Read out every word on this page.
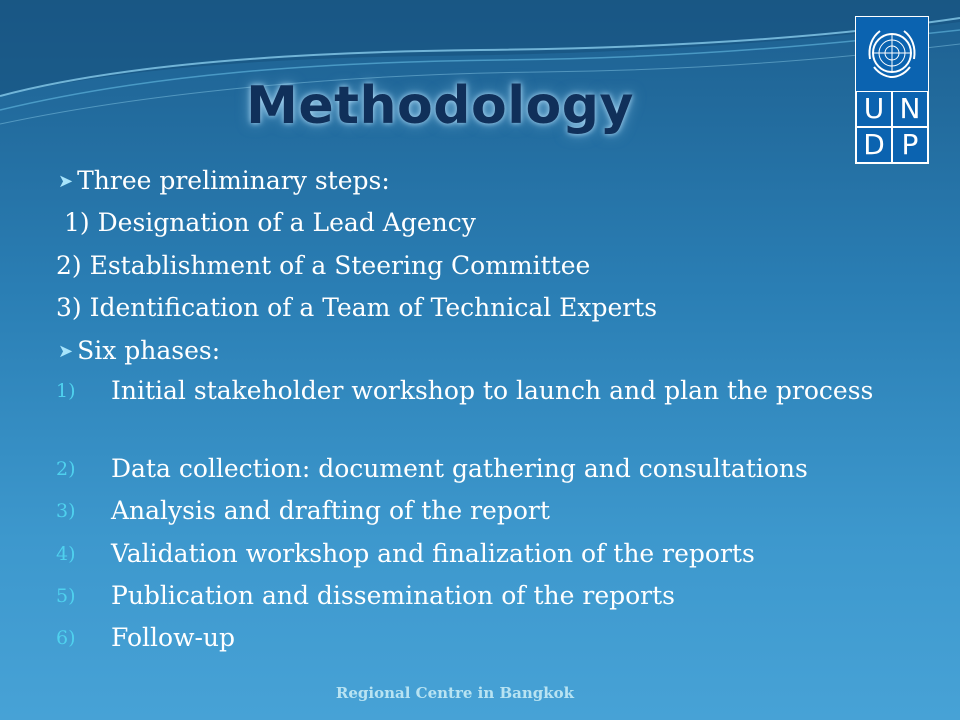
Methodology	U N
D P
➤ Three preliminary steps:
1) Designation of a Lead Agency
2) Establishment of a Steering Committee
3) Identification of a Team of Technical Experts
➤ Six phases:
1) Initial stakeholder workshop to launch and plan the process
2) Data collection: document gathering and consultations
3) Analysis and drafting of the report
4) Validation workshop and finalization of the reports
5) Publication and dissemination of the reports
6) Follow-up
Regional Centre in Bangkok
